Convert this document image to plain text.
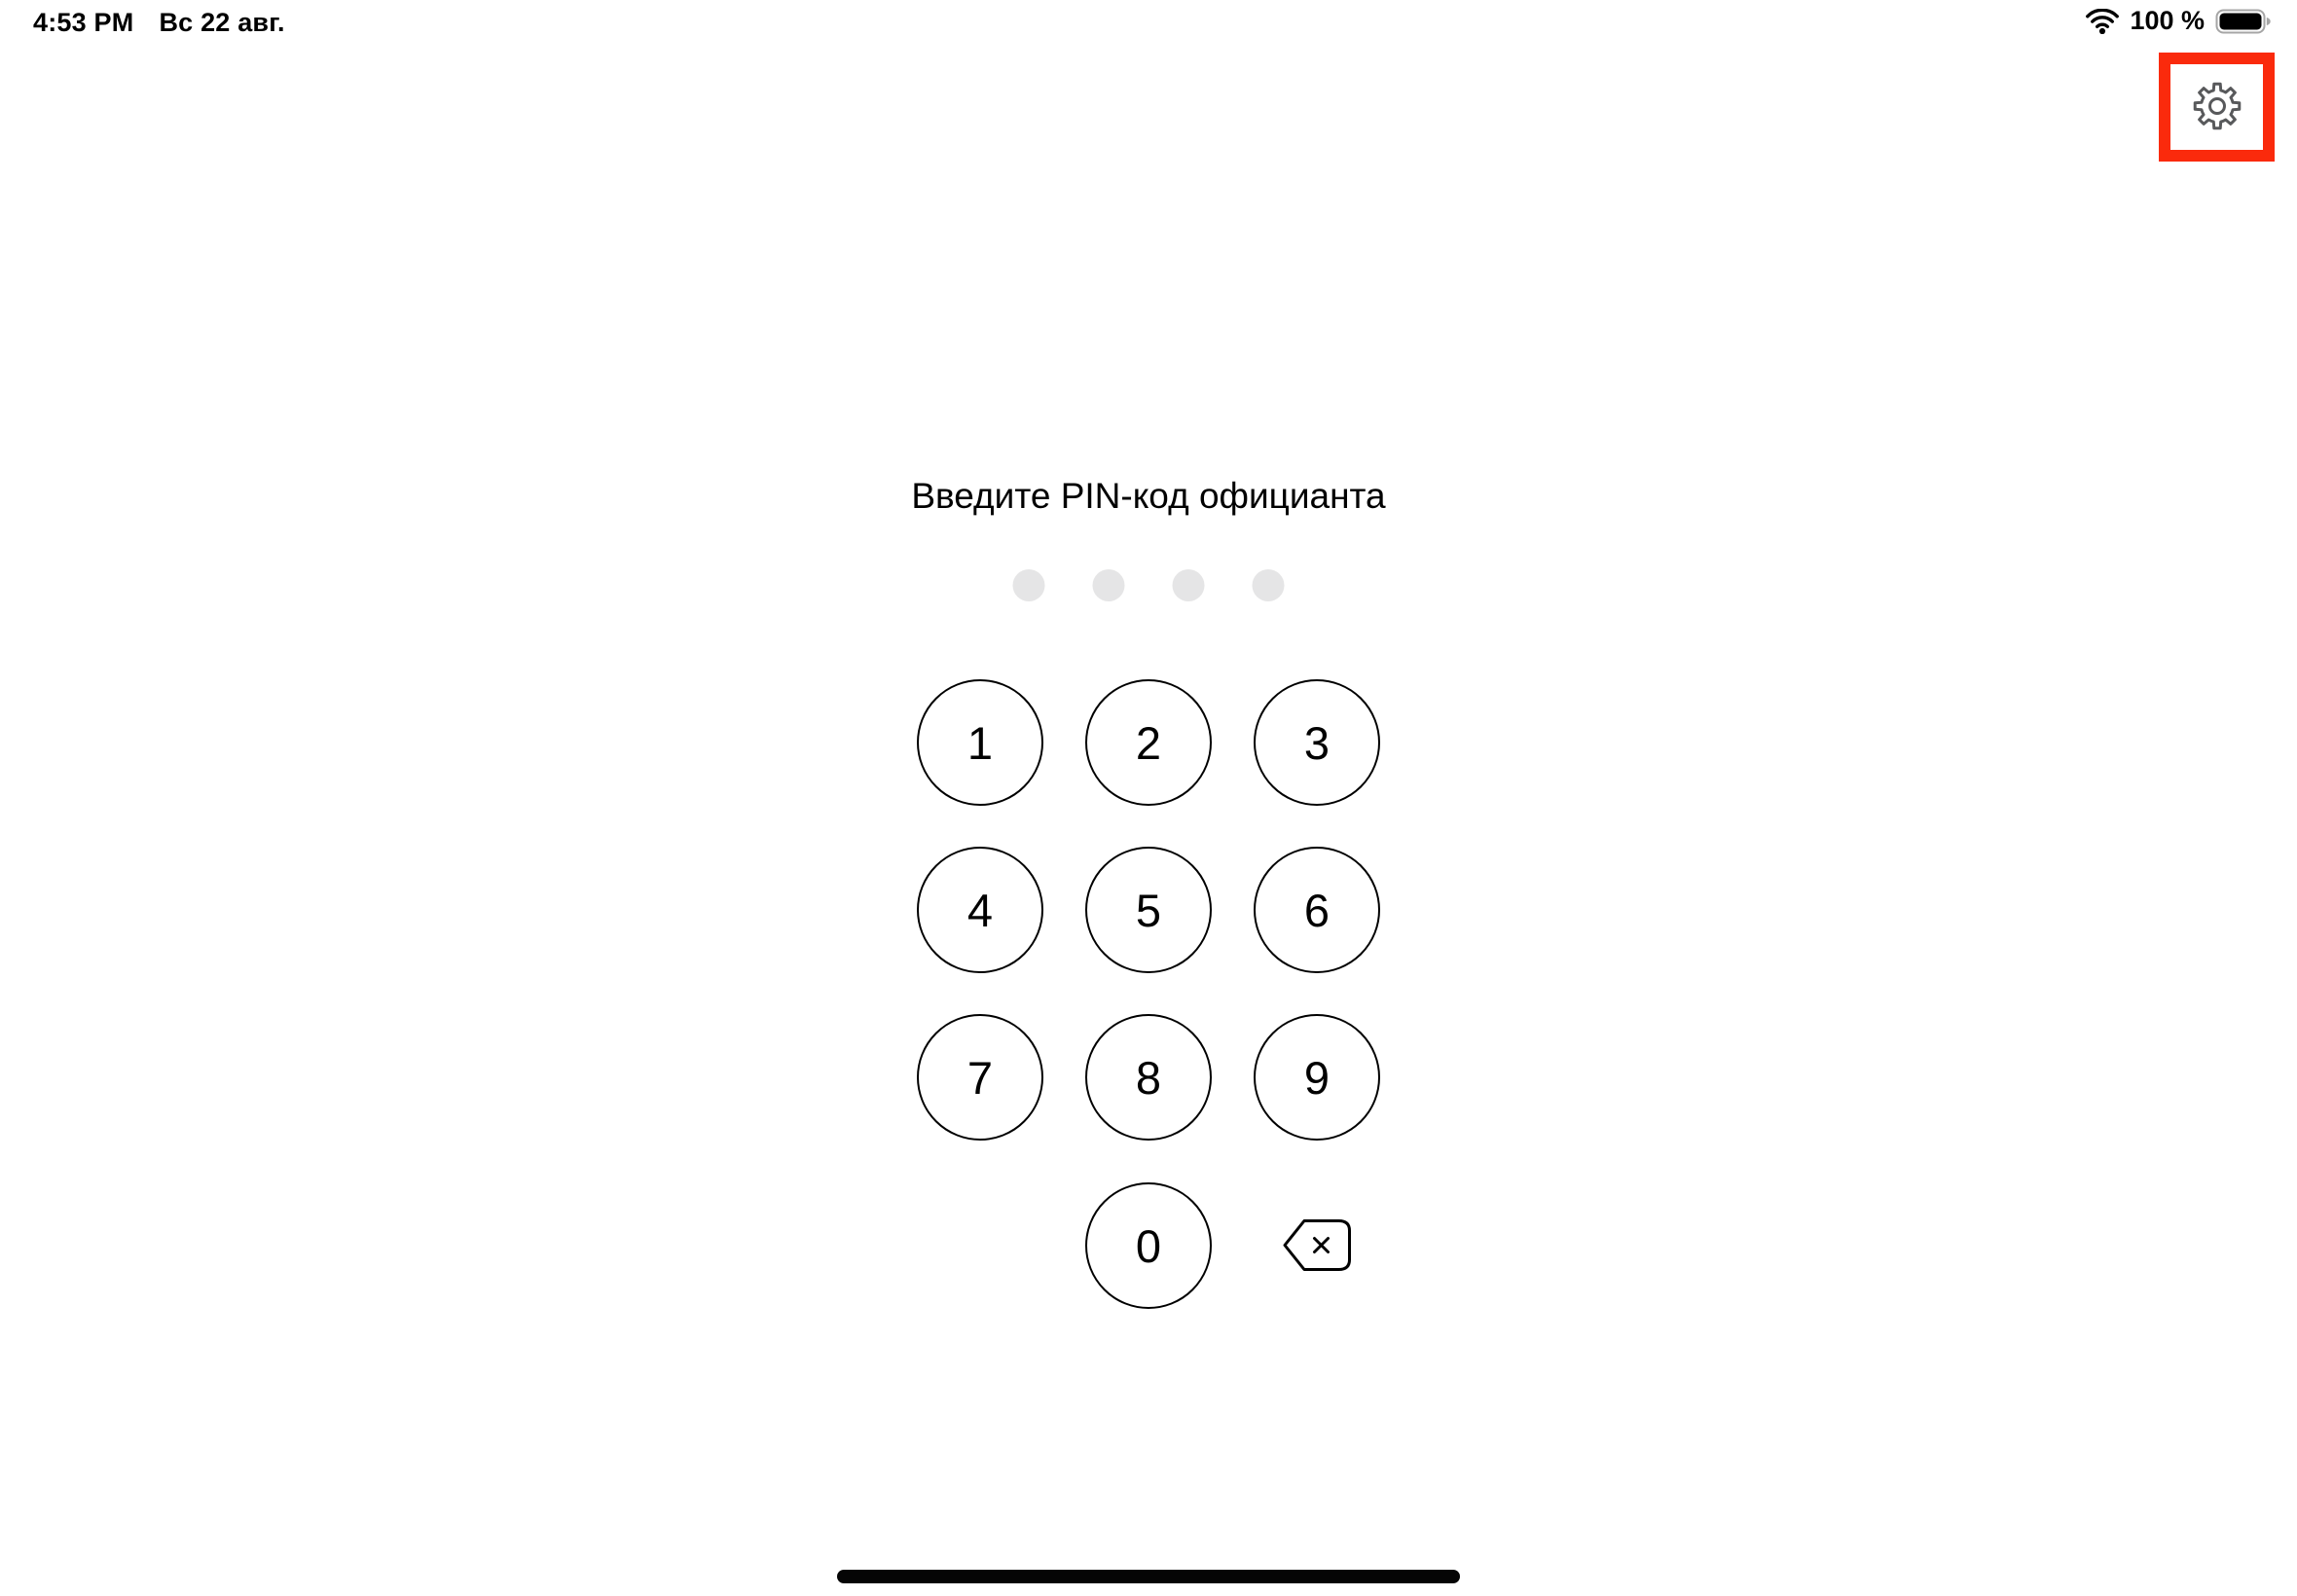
4:53 PM Вс 22 авг.	100 %
Введите PIN-код официанта
1	2	3
4	5	6
7	8	9
0
